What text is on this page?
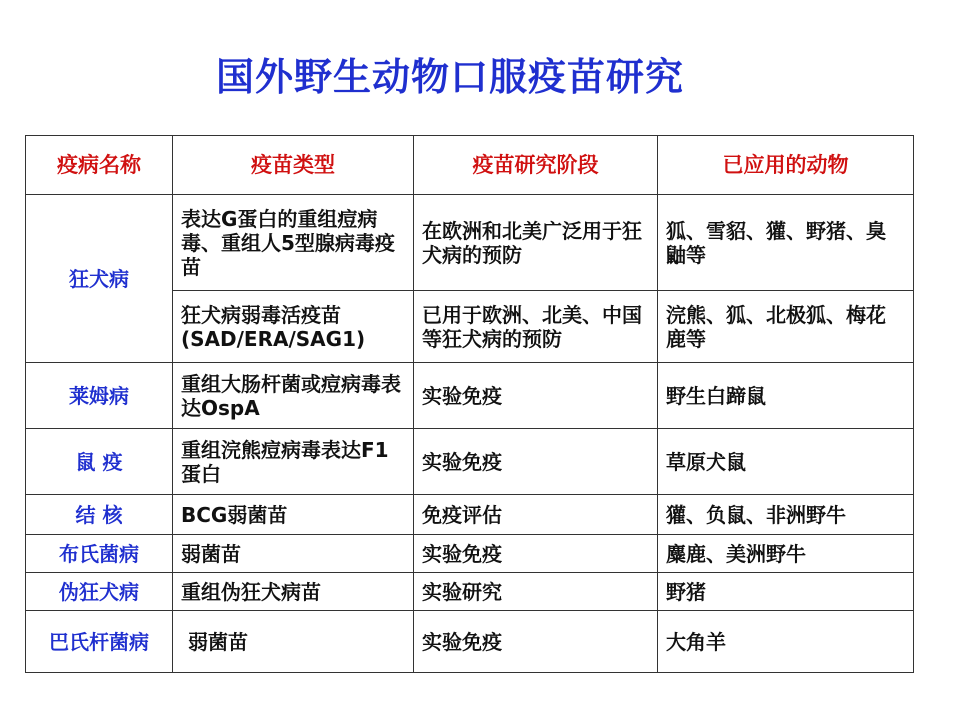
国外野生动物口服疫苗研究
疫病名称	疫苗类型	疫苗研究阶段	已应用的动物
狂犬病	表达G蛋白的重组痘病毒、重组人5型腺病毒疫苗	在欧洲和北美广泛用于狂犬病的预防	狐、雪貂、獾、野猪、臭鼬等
	狂犬病弱毒活疫苗(SAD/ERA/SAG1)	已用于欧洲、北美、中国等狂犬病的预防	浣熊、狐、北极狐、梅花鹿等
莱姆病	重组大肠杆菌或痘病毒表达OspA	实验免疫	野生白蹄鼠
鼠 疫	重组浣熊痘病毒表达F1蛋白	实验免疫	草原犬鼠
结 核	BCG弱菌苗	免疫评估	獾、负鼠、非洲野牛
布氏菌病	弱菌苗	实验免疫	麋鹿、美洲野牛
伪狂犬病	重组伪狂犬病苗	实验研究	野猪
巴氏杆菌病	弱菌苗	实验免疫	大角羊
